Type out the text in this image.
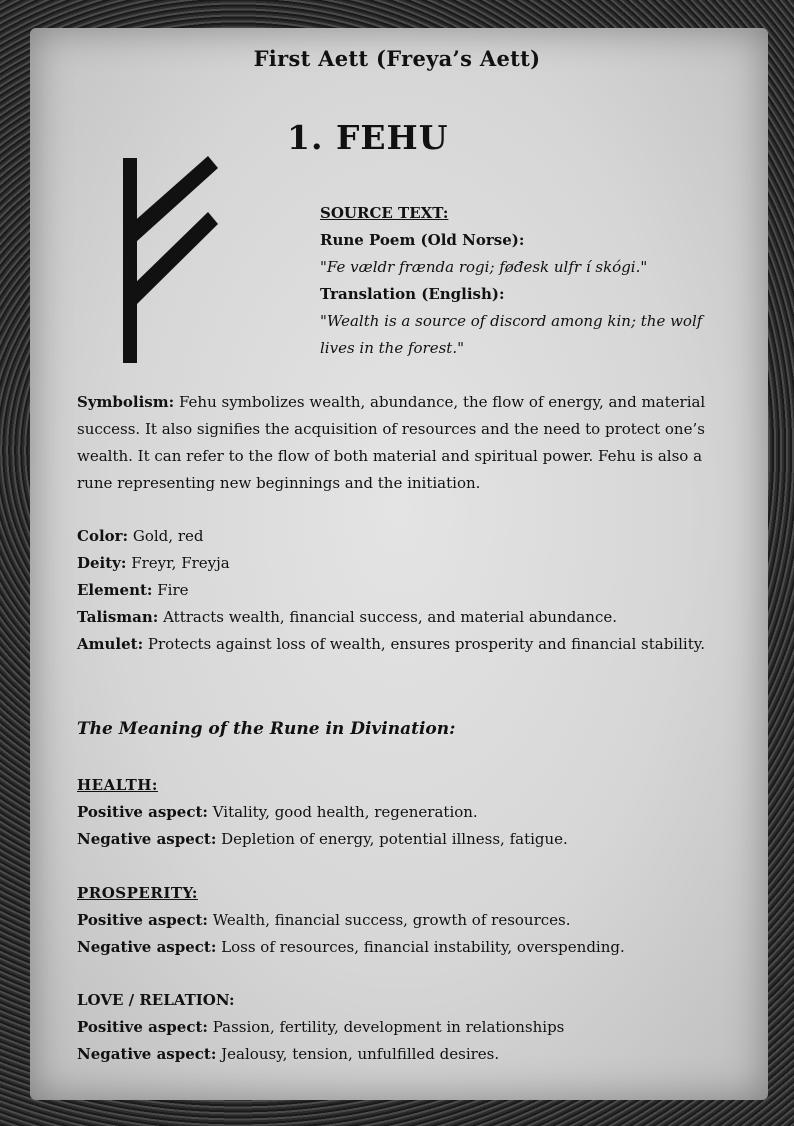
First Aett (Freya’s Aett)
1. FEHU
SOURCE TEXT:
Rune Poem (Old Norse):
"Fe vældr frænda rogi; føđesk ulfr í skógi."
Translation (English):
"Wealth is a source of discord among kin; the wolf
lives in the forest."
Symbolism: Fehu symbolizes wealth, abundance, the flow of energy, and material
success. It also signifies the acquisition of resources and the need to protect one’s
wealth. It can refer to the flow of both material and spiritual power. Fehu is also a
rune representing new beginnings and the initiation.
Color: Gold, red
Deity: Freyr, Freyja
Element: Fire
Talisman: Attracts wealth, financial success, and material abundance.
Amulet: Protects against loss of wealth, ensures prosperity and financial stability.
The Meaning of the Rune in Divination:
HEALTH:
Positive aspect: Vitality, good health, regeneration.
Negative aspect: Depletion of energy, potential illness, fatigue.
PROSPERITY:
Positive aspect: Wealth, financial success, growth of resources.
Negative aspect: Loss of resources, financial instability, overspending.
LOVE / RELATION:
Positive aspect: Passion, fertility, development in relationships
Negative aspect: Jealousy, tension, unfulfilled desires.
